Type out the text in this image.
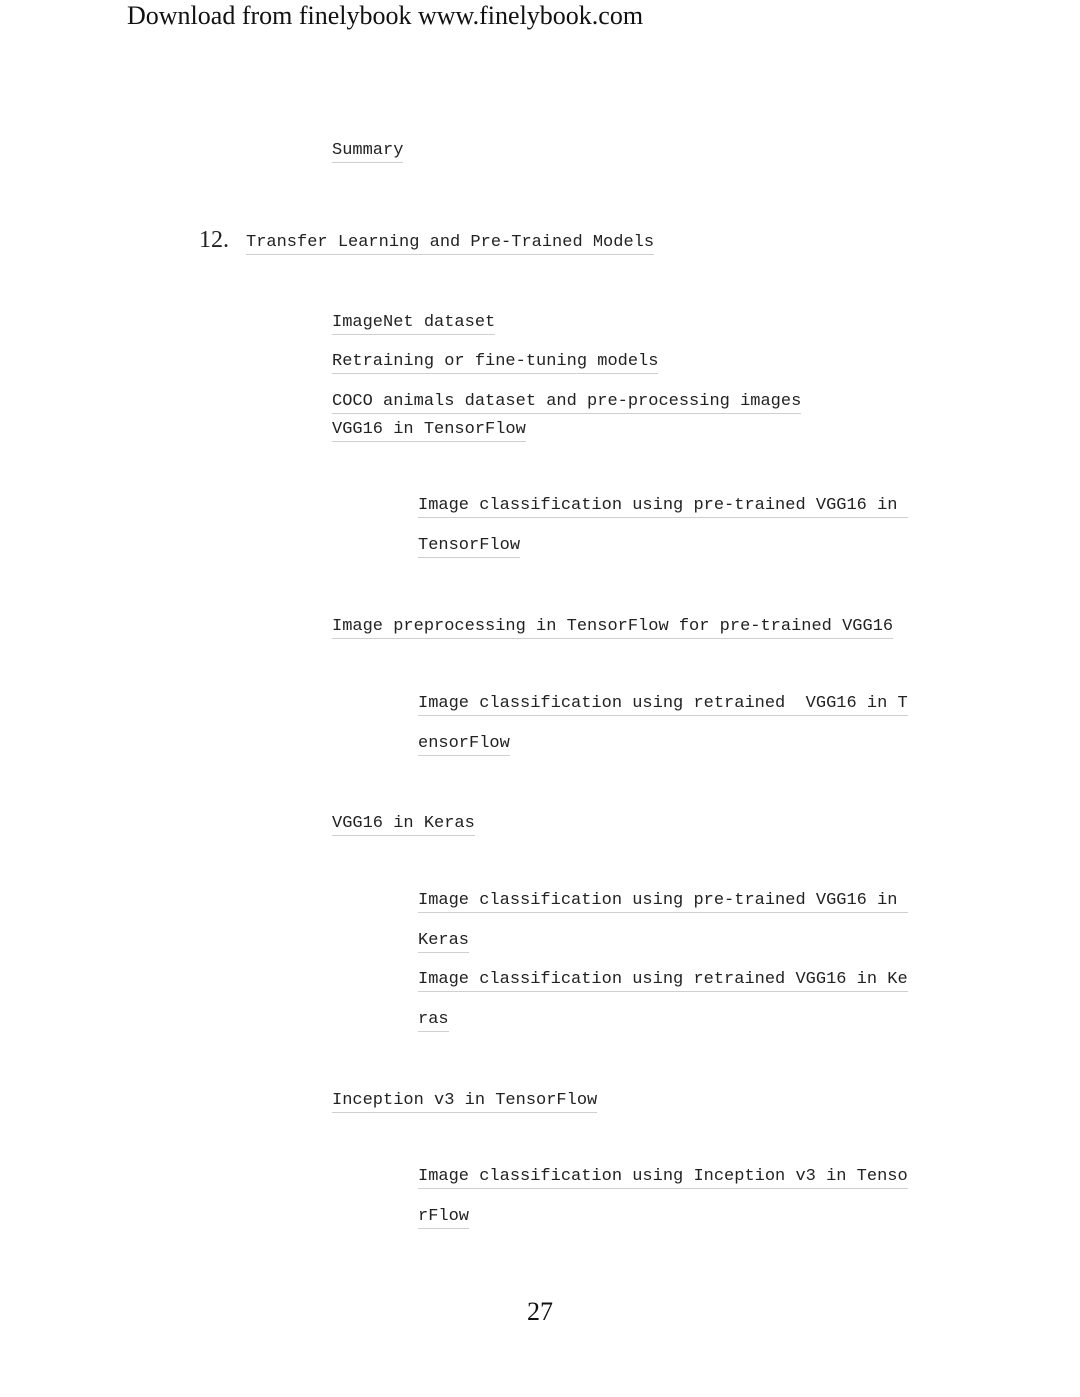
Download from finelybook www.finelybook.com
Summary
12. Transfer Learning and Pre-Trained Models
ImageNet dataset
Retraining or fine-tuning models
COCO animals dataset and pre-processing images
VGG16 in TensorFlow
Image classification using pre-trained VGG16 in
TensorFlow
Image preprocessing in TensorFlow for pre-trained VGG16
Image classification using retrained  VGG16 in T
ensorFlow
VGG16 in Keras
Image classification using pre-trained VGG16 in
Keras
Image classification using retrained VGG16 in Ke
ras
Inception v3 in TensorFlow
Image classification using Inception v3 in Tenso
rFlow
27
